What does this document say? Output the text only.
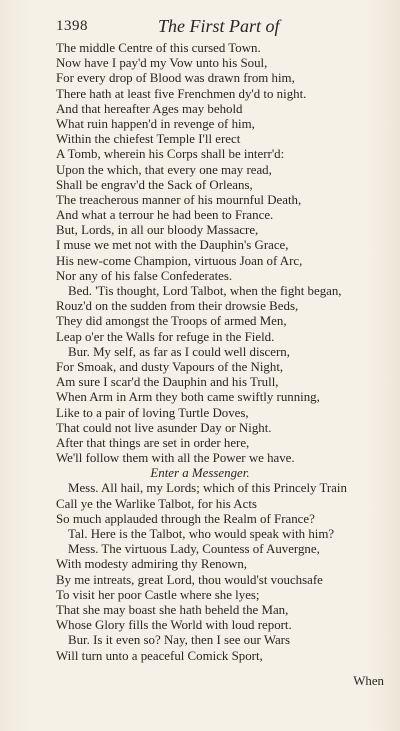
1398	The First Part of
The middle Centre of this cursed Town.
Now have I pay'd my Vow unto his Soul,
For every drop of Blood was drawn from him,
There hath at least five Frenchmen dy'd to night.
And that hereafter Ages may behold
What ruin happen'd in revenge of him,
Within the chiefest Temple I'll erect
A Tomb, wherein his Corps shall be interr'd:
Upon the which, that every one may read,
Shall be engrav'd the Sack of Orleans,
The treacherous manner of his mournful Death,
And what a terrour he had been to France.
But, Lords, in all our bloody Massacre,
I muse we met not with the Dauphin's Grace,
His new-come Champion, virtuous Joan of Arc,
Nor any of his false Confederates.
Bed. 'Tis thought, Lord Talbot, when the fight began,
Rouz'd on the sudden from their drowsie Beds,
They did amongst the Troops of armed Men,
Leap o'er the Walls for refuge in the Field.
Bur. My self, as far as I could well discern,
For Smoak, and dusty Vapours of the Night,
Am sure I scar'd the Dauphin and his Trull,
When Arm in Arm they both came swiftly running,
Like to a pair of loving Turtle Doves,
That could not live asunder Day or Night.
After that things are set in order here,
We'll follow them with all the Power we have.
Enter a Messenger.
Mess. All hail, my Lords; which of this Princely Train
Call ye the Warlike Talbot, for his Acts
So much applauded through the Realm of France?
Tal. Here is the Talbot, who would speak with him?
Mess. The virtuous Lady, Countess of Auvergne,
With modesty admiring thy Renown,
By me intreats, great Lord, thou would'st vouchsafe
To visit her poor Castle where she lyes;
That she may boast she hath beheld the Man,
Whose Glory fills the World with loud report.
Bur. Is it even so? Nay, then I see our Wars
Will turn unto a peaceful Comick Sport,
When
